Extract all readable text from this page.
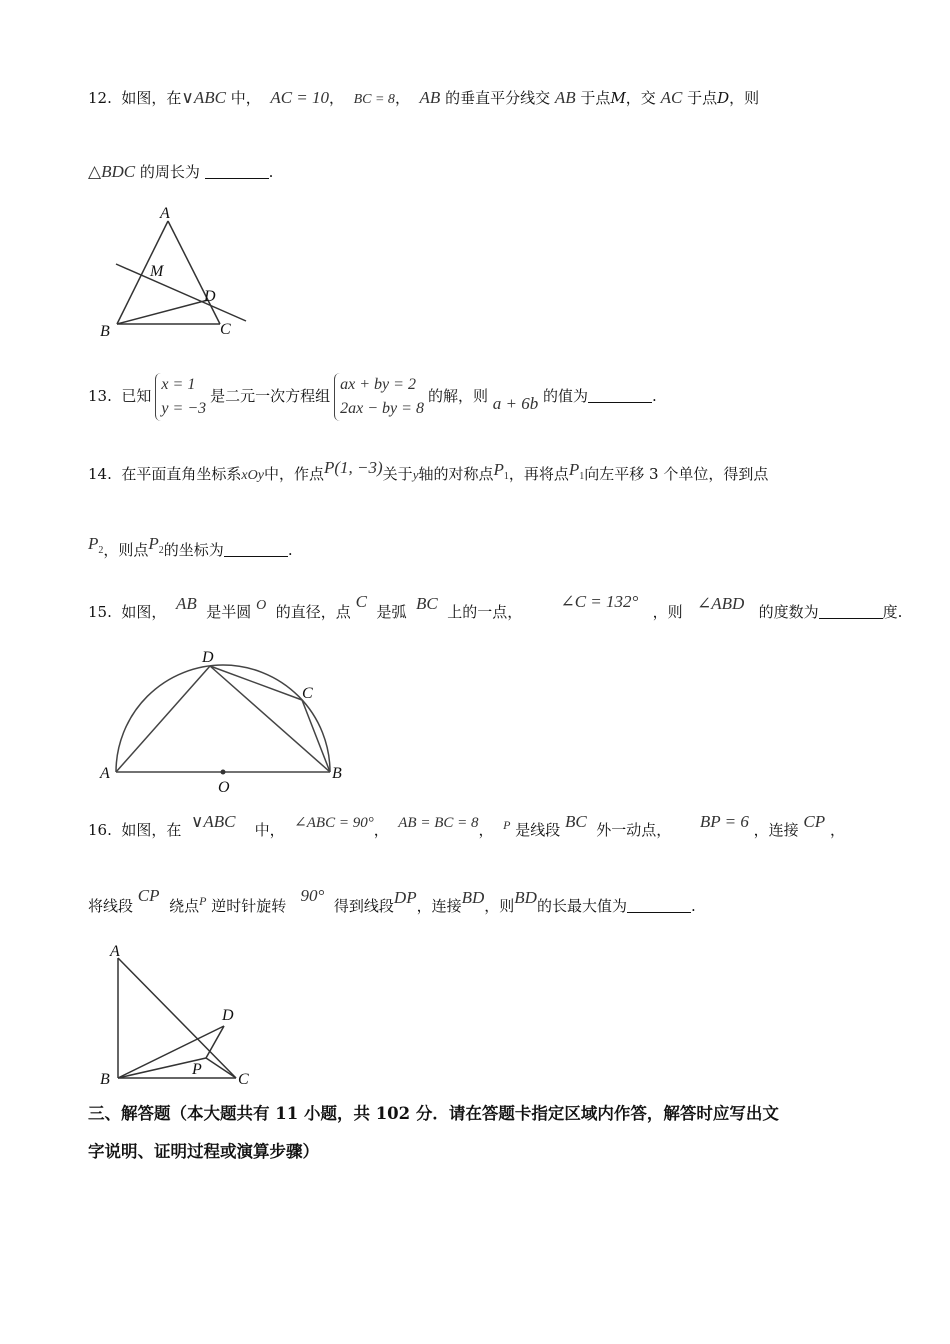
12. 如图，在∨ABC 中， AC = 10， BC = 8， AB 的垂直平分线交 AB 于点M，交 AC 于点D，则
△BDC 的周长为	.
A
M
D
B	C
13. 已知
x = 1
y = −3
是二元一次方程组
ax + by = 2
2ax − by = 8
的解，则 a + 6b 的值为	.
14. 在平面直角坐标系xOy中，作点P(1, −3)关于y轴的对称点$P_1$，再将点$P_1$向左平移 3 个单位，得到点
$P_2$，则点$P_2$的坐标为	.
15. 如图， AB 是半圆 O 的直径，点 C  是弧 BC 上的一点，        ∠C = 132°   ，则 ∠ABD 的度数为	度.
D
C
A
O
B
16. 如图，在 ∨ABC 中， ∠ABC = 90°， AB = BC = 8， $^P$ 是线段 BC 外一动点， BP = 6 ，连接 CP ，
将线段 CP  绕点$^P$ 逆时针旋转   90°  得到线段DP，连接BD，则BD的长最大值为	.
A
D
B
P
C
三、解答题（本大题共有 11 小题，共 102 分．请在答题卡指定区域内作答，解答时应写出文
字说明、证明过程或演算步骤）
